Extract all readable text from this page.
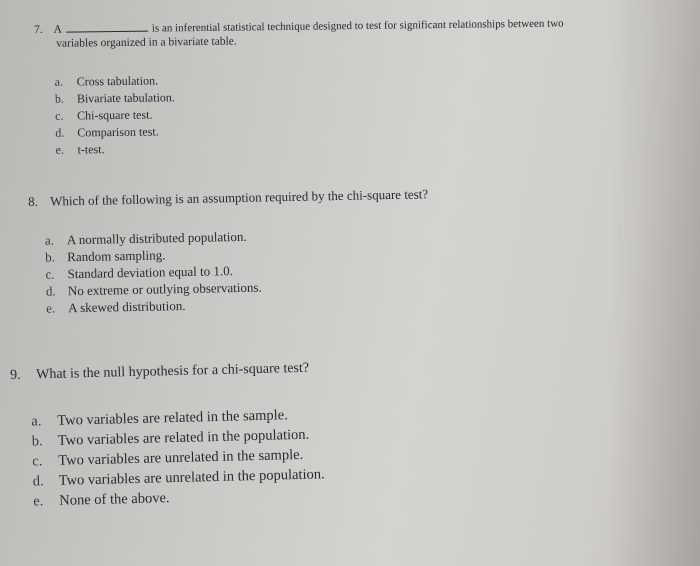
7. A	is an inferential statistical technique designed to test for significant relationships between two
variables organized in a bivariate table.
a. Cross tabulation.
b. Bivariate tabulation.
c. Chi-square test.
d. Comparison test.
e. t-test.
8. Which of the following is an assumption required by the chi-square test?
a. A normally distributed population.
b. Random sampling.
c. Standard deviation equal to 1.0.
d. No extreme or outlying observations.
e. A skewed distribution.
9. What is the null hypothesis for a chi-square test?
a. Two variables are related in the sample.
b. Two variables are related in the population.
c. Two variables are unrelated in the sample.
d. Two variables are unrelated in the population.
e. None of the above.
